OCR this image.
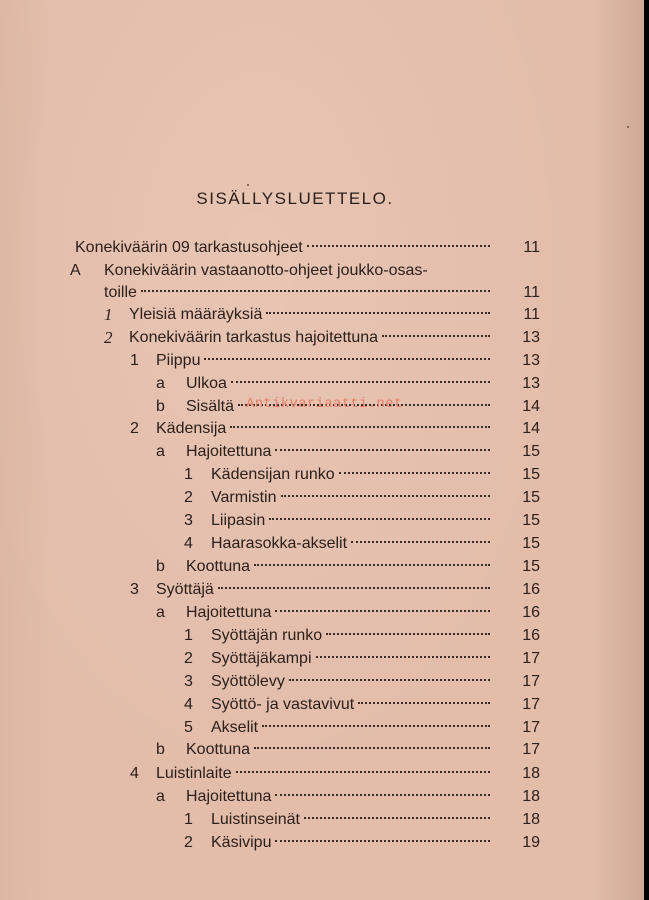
SISÄLLYSLUETTELO.
Konekiväärin 09 tarkastusohjeet	11
A Konekiväärin vastaanotto-ohjeet joukko-osas-
toille	11
1 Yleisiä määräyksiä	11
2 Konekiväärin tarkastus hajoitettuna	13
1 Piippu	13
a Ulkoa	13
b Sisältä	14
2 Kädensija	14
a Hajoitettuna	15
1 Kädensijan runko	15
2 Varmistin	15
3 Liipasin	15
4 Haarasokka-akselit	15
b Koottuna	15
3 Syöttäjä	16
a Hajoitettuna	16
1 Syöttäjän runko	16
2 Syöttäjäkampi	17
3 Syöttölevy	17
4 Syöttö- ja vastavivut	17
5 Akselit	17
b Koottuna	17
4 Luistinlaite	18
a Hajoitettuna	18
1 Luistinseinät	18
2 Käsivipu	19
Antikvariaatti.net
